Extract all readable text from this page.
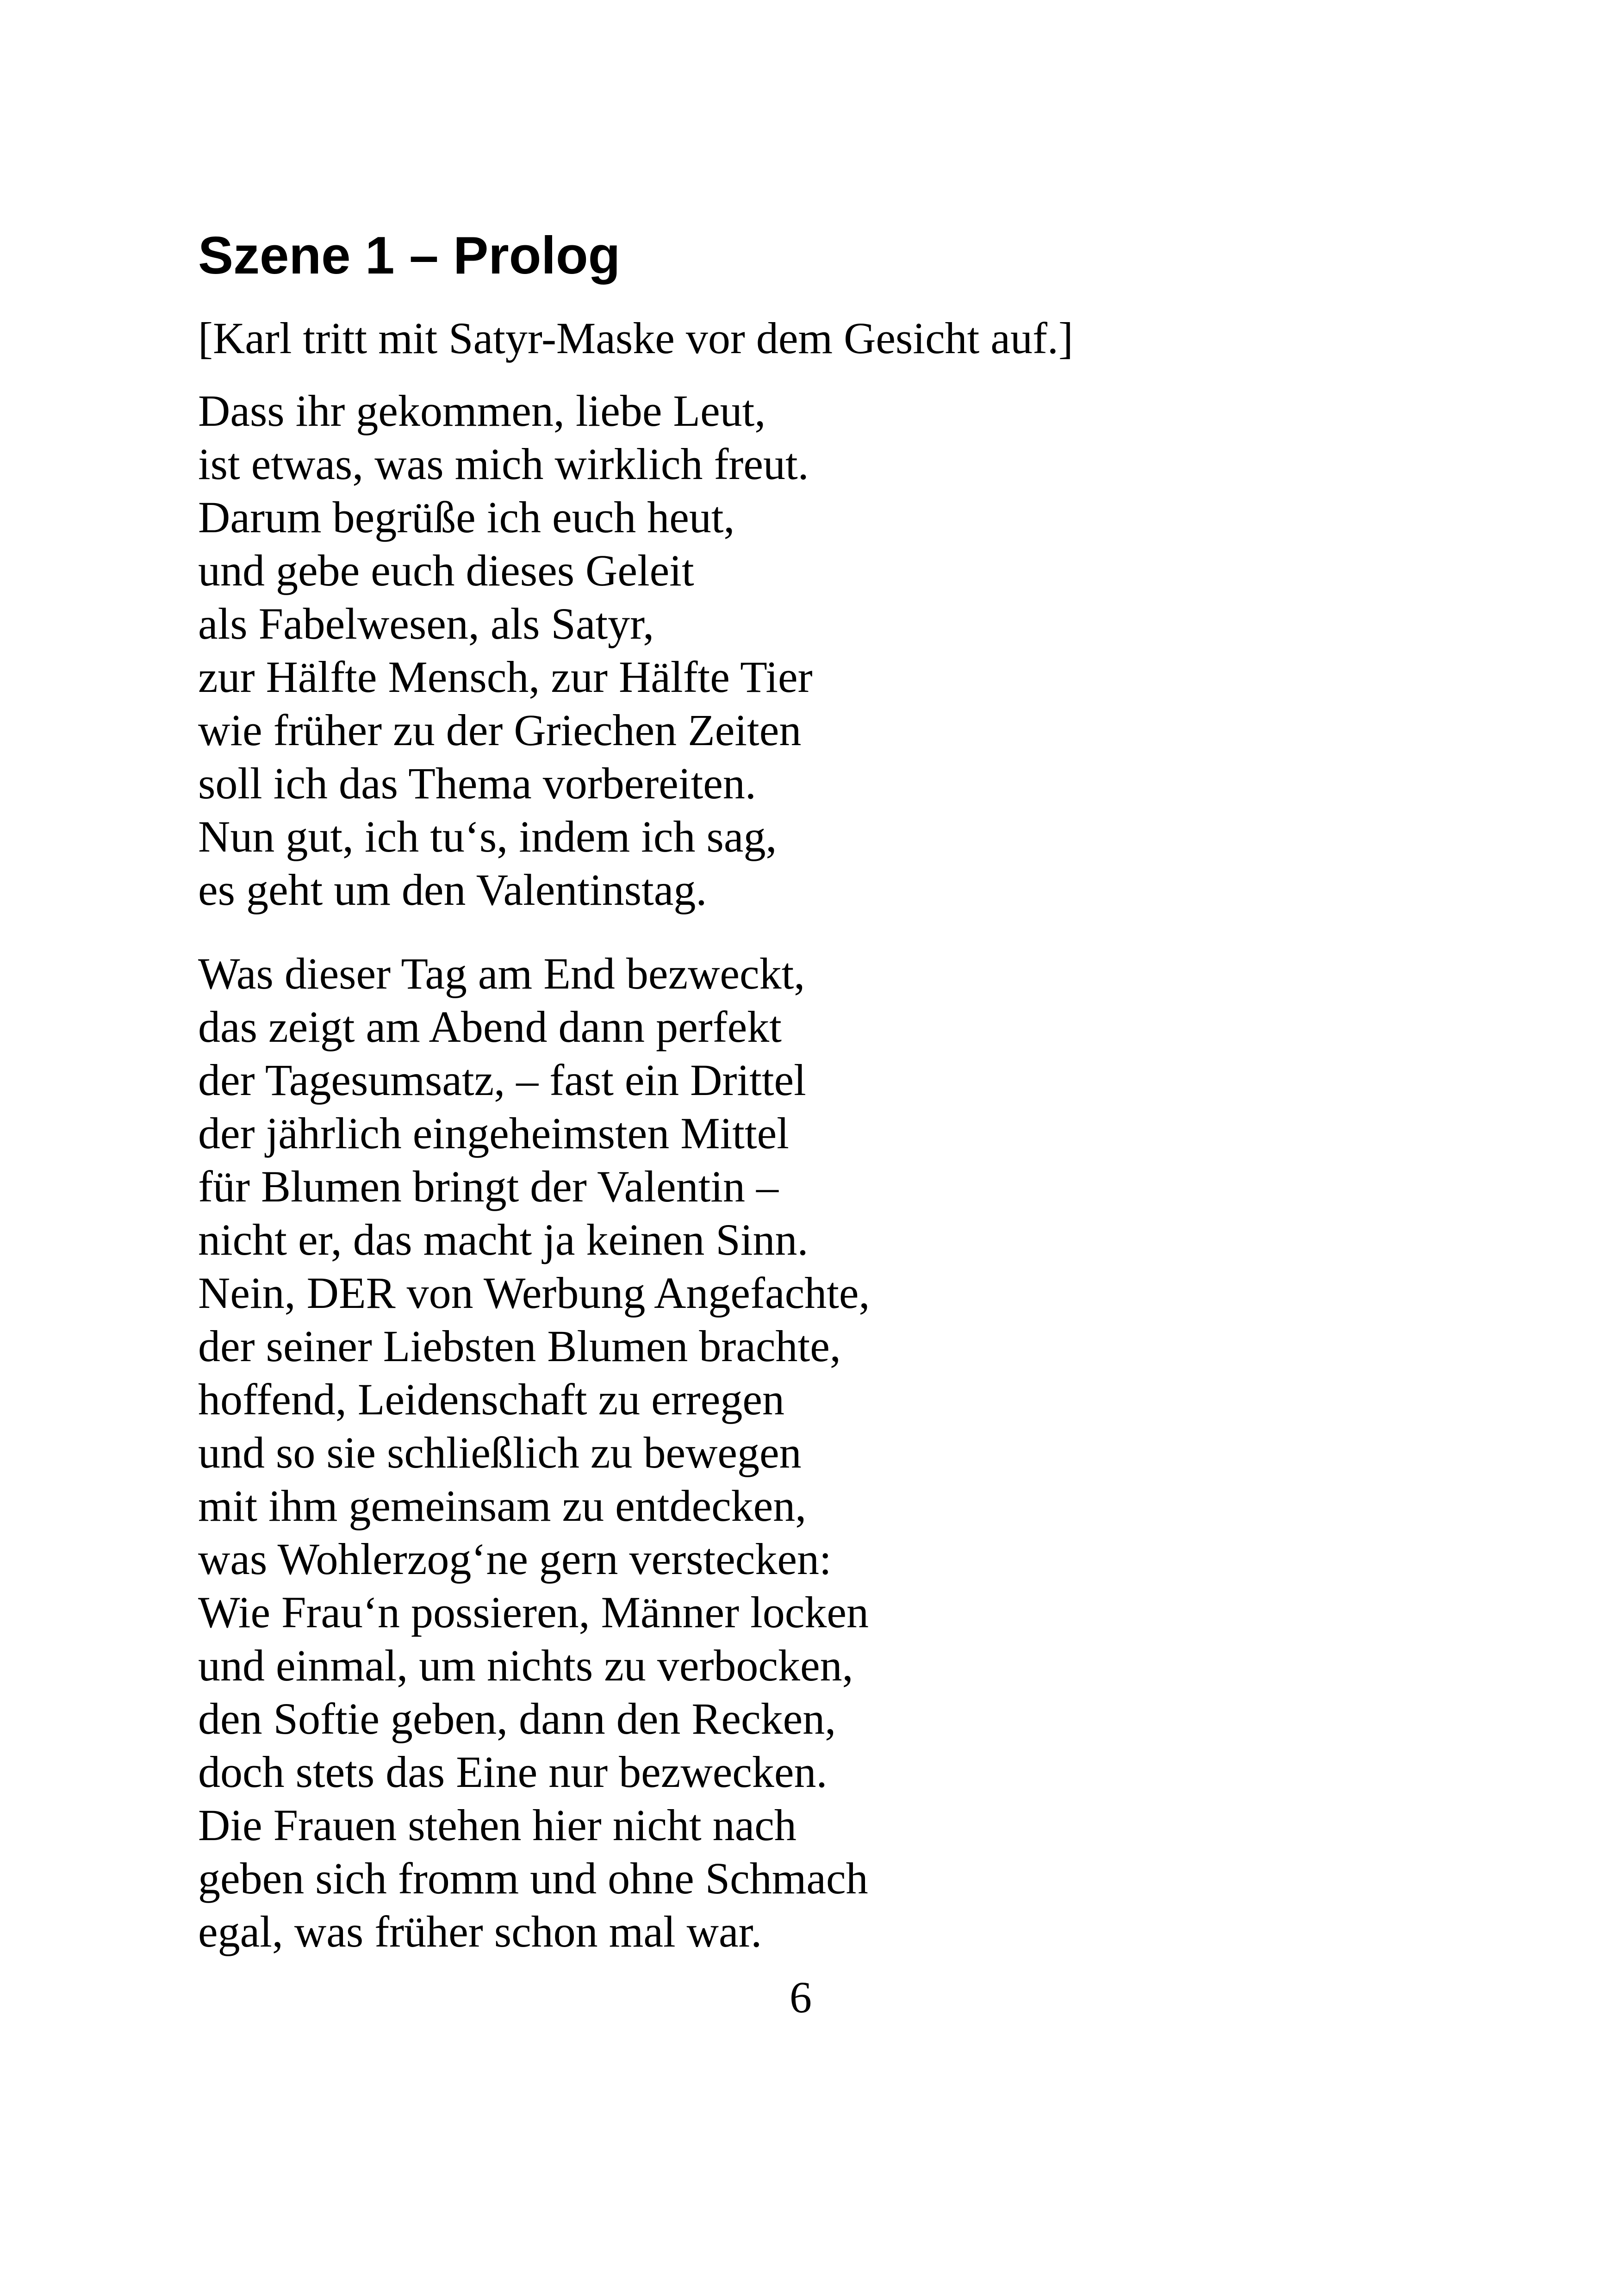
Szene 1 – Prolog
[Karl tritt mit Satyr-Maske vor dem Gesicht auf.]
Dass ihr gekommen, liebe Leut,
ist etwas, was mich wirklich freut.
Darum begrüße ich euch heut,
und gebe euch dieses Geleit
als Fabelwesen, als Satyr,
zur Hälfte Mensch, zur Hälfte Tier
wie früher zu der Griechen Zeiten
soll ich das Thema vorbereiten.
Nun gut, ich tu‘s, indem ich sag,
es geht um den Valentinstag.
Was dieser Tag am End bezweckt,
das zeigt am Abend dann perfekt
der Tagesumsatz, – fast ein Drittel
der jährlich eingeheimsten Mittel
für Blumen bringt der Valentin –
nicht er, das macht ja keinen Sinn.
Nein, DER von Werbung Angefachte,
der seiner Liebsten Blumen brachte,
hoffend, Leidenschaft zu erregen
und so sie schließlich zu bewegen
mit ihm gemeinsam zu entdecken,
was Wohlerzog‘ne gern verstecken:
Wie Frau‘n possieren, Männer locken
und einmal, um nichts zu verbocken,
den Softie geben, dann den Recken,
doch stets das Eine nur bezwecken.
Die Frauen stehen hier nicht nach
geben sich fromm und ohne Schmach
egal, was früher schon mal war.
6
